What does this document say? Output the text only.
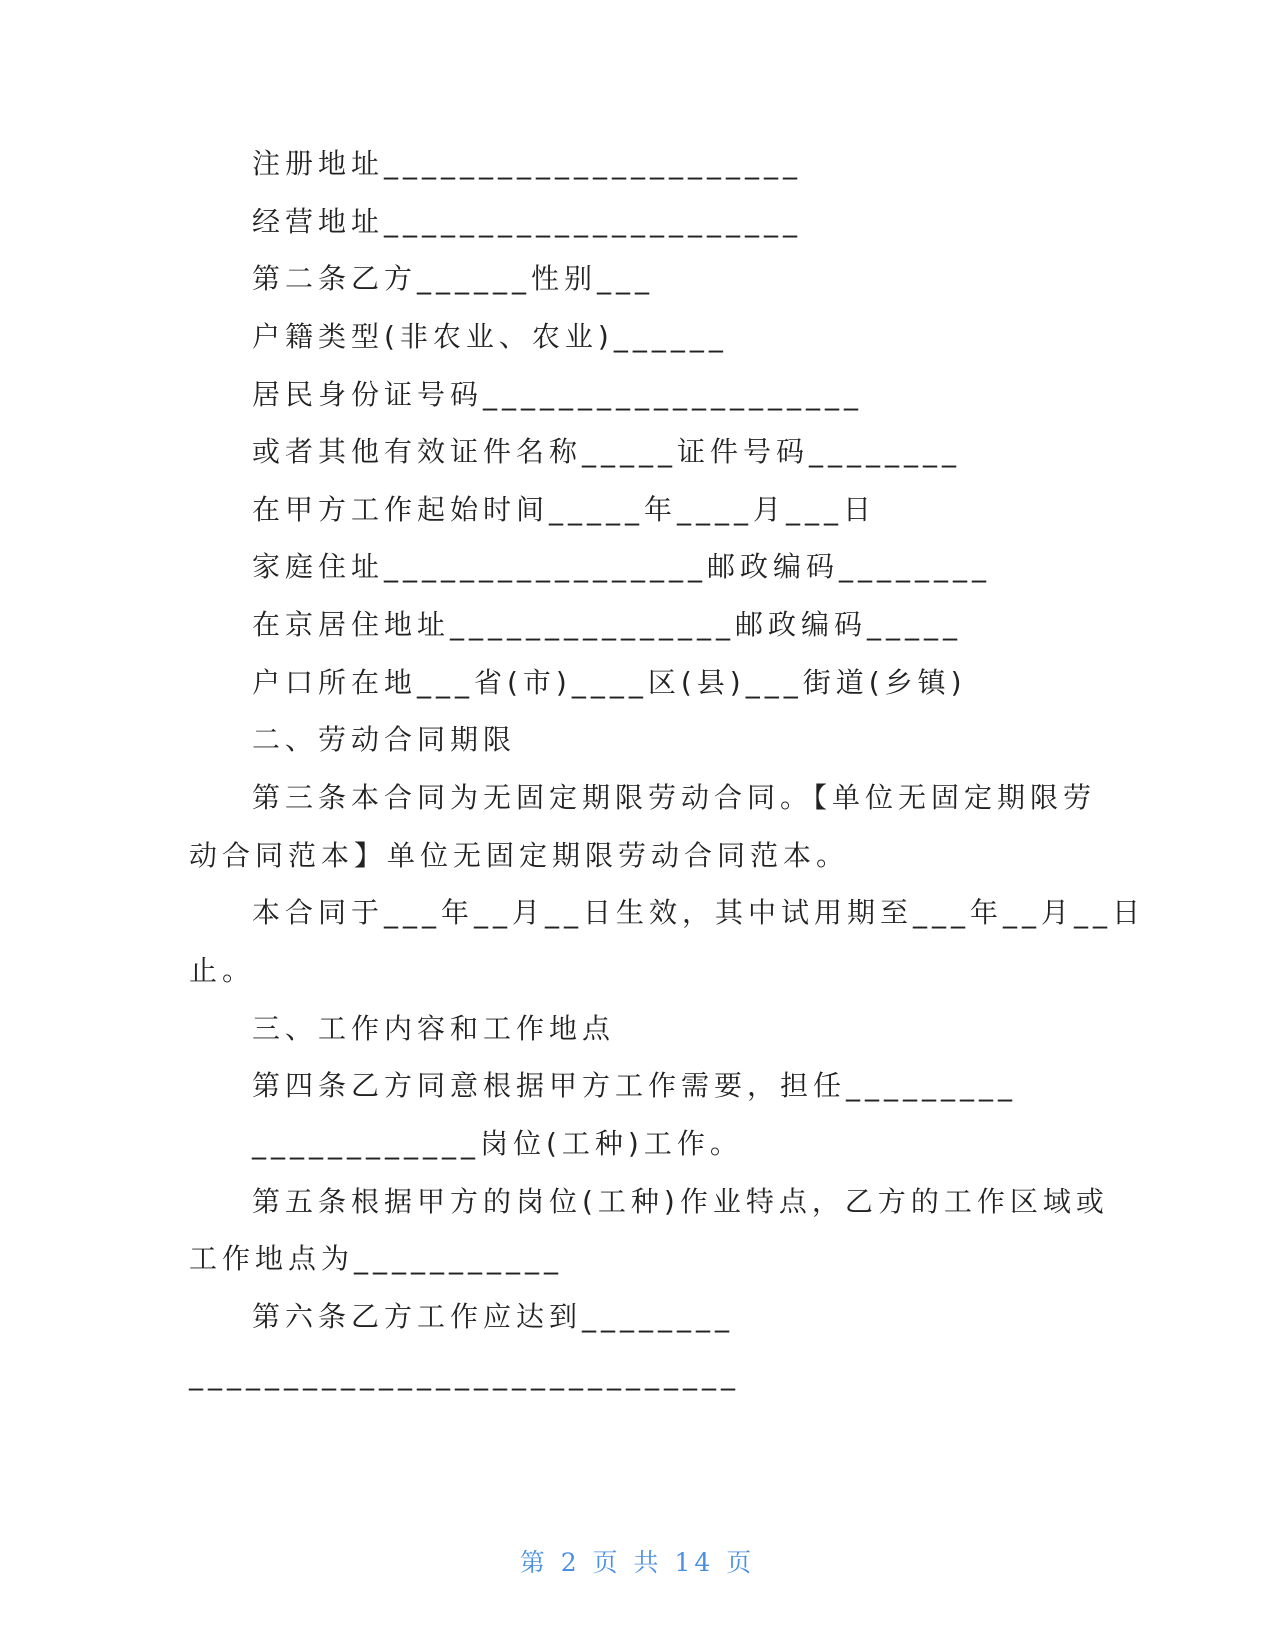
注册地址______________________
经营地址______________________
第二条乙方______性别___
户籍类型(非农业、农业)______
居民身份证号码____________________
或者其他有效证件名称_____证件号码________
在甲方工作起始时间_____年____月___日
家庭住址_________________邮政编码________
在京居住地址_______________邮政编码_____
户口所在地___省(市)____区(县)___街道(乡镇)
二、劳动合同期限
第三条本合同为无固定期限劳动合同。【单位无固定期限劳
动合同范本】单位无固定期限劳动合同范本。
本合同于___年__月__日生效，其中试用期至___年__月__日
止。
三、工作内容和工作地点
第四条乙方同意根据甲方工作需要，担任_________
____________岗位(工种)工作。
第五条根据甲方的岗位(工种)作业特点，乙方的工作区域或
工作地点为___________
第六条乙方工作应达到________
_____________________________
第 2 页 共 14 页
